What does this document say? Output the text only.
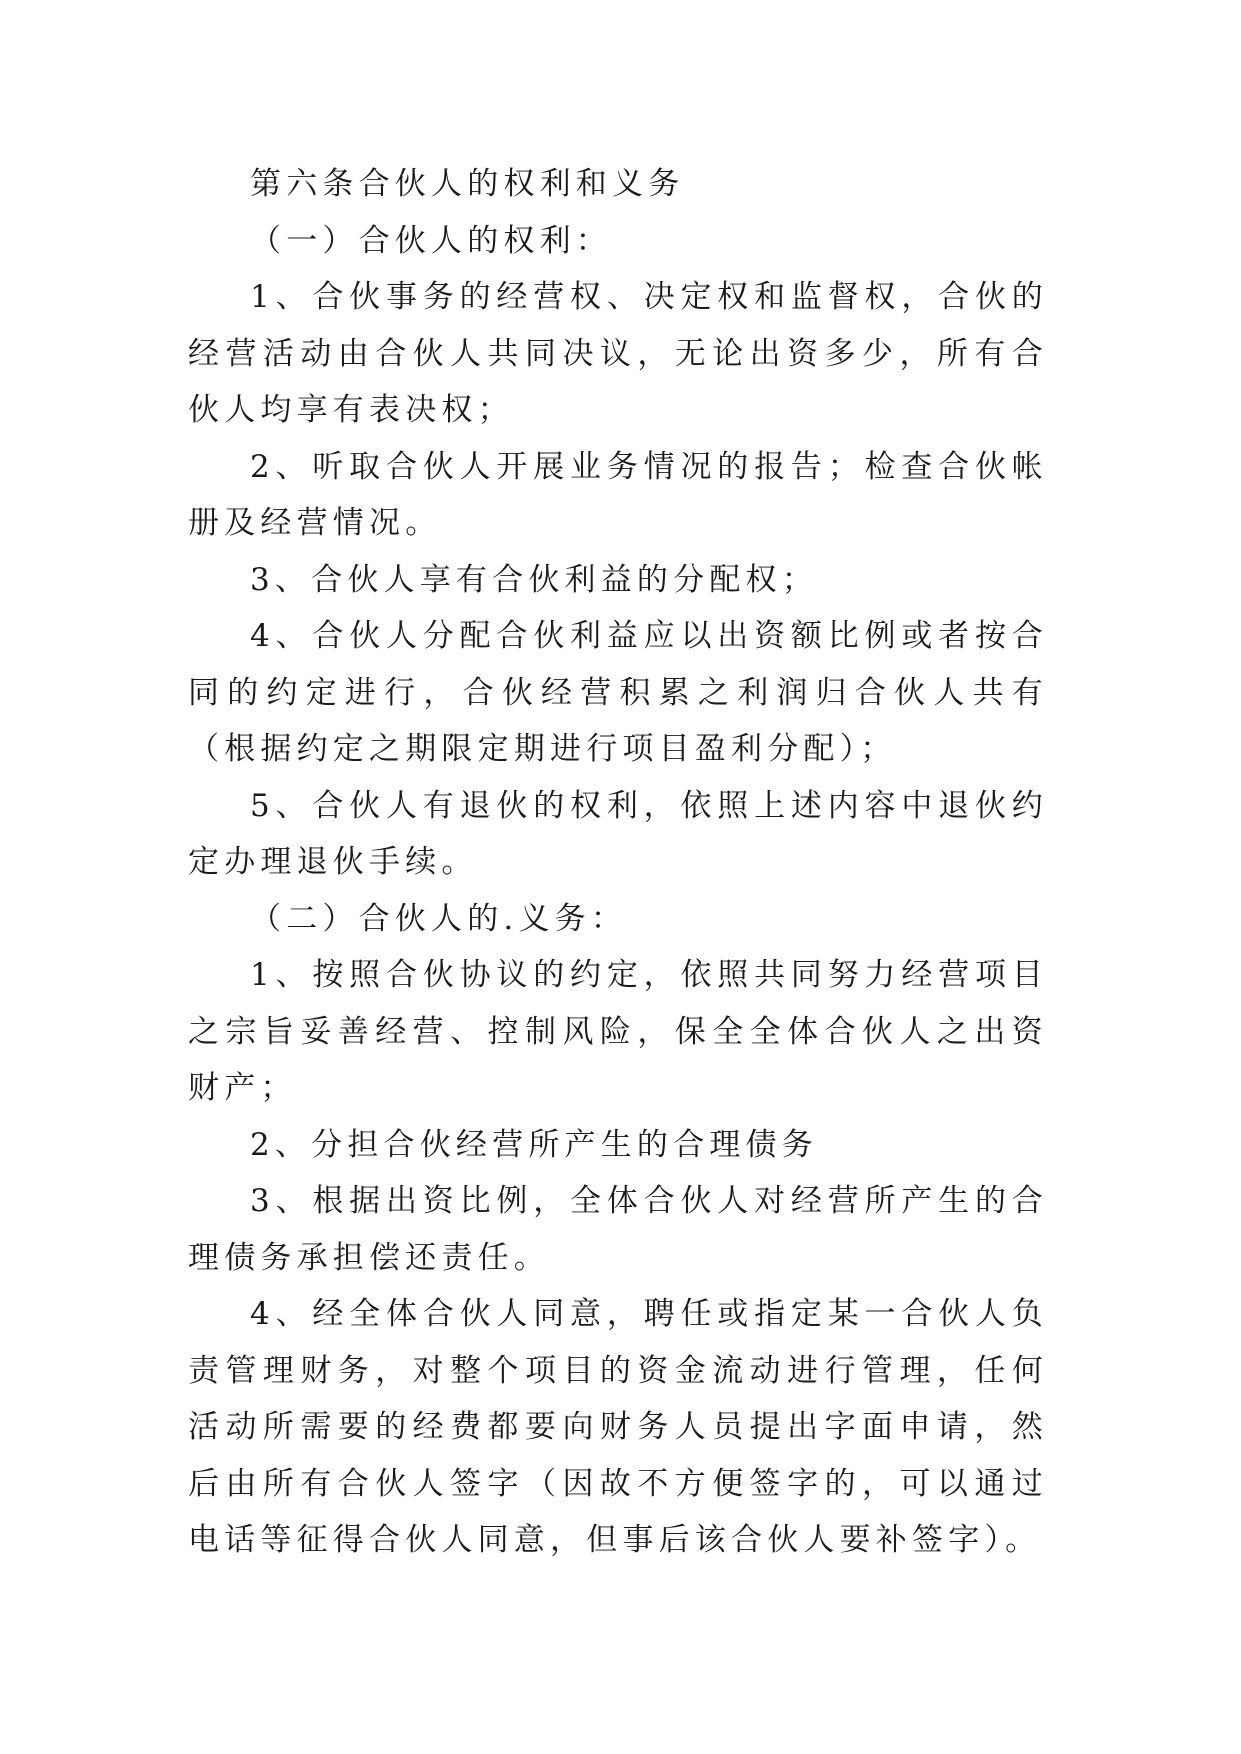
第六条合伙人的权利和义务

（一）合伙人的权利：

1、合伙事务的经营权、决定权和监督权，合伙的经营活动由合伙人共同决议，无论出资多少，所有合伙人均享有表决权；

2、听取合伙人开展业务情况的报告；检查合伙帐册及经营情况。

3、合伙人享有合伙利益的分配权；

4、合伙人分配合伙利益应以出资额比例或者按合同的约定进行，合伙经营积累之利润归合伙人共有（根据约定之期限定期进行项目盈利分配）；

5、合伙人有退伙的权利，依照上述内容中退伙约定办理退伙手续。

（二）合伙人的.义务：

1、按照合伙协议的约定，依照共同努力经营项目之宗旨妥善经营、控制风险，保全全体合伙人之出资财产；

2、分担合伙经营所产生的合理债务

3、根据出资比例，全体合伙人对经营所产生的合理债务承担偿还责任。

4、经全体合伙人同意，聘任或指定某一合伙人负责管理财务，对整个项目的资金流动进行管理，任何活动所需要的经费都要向财务人员提出字面申请，然后由所有合伙人签字（因故不方便签字的，可以通过电话等征得合伙人同意，但事后该合伙人要补签字）。
